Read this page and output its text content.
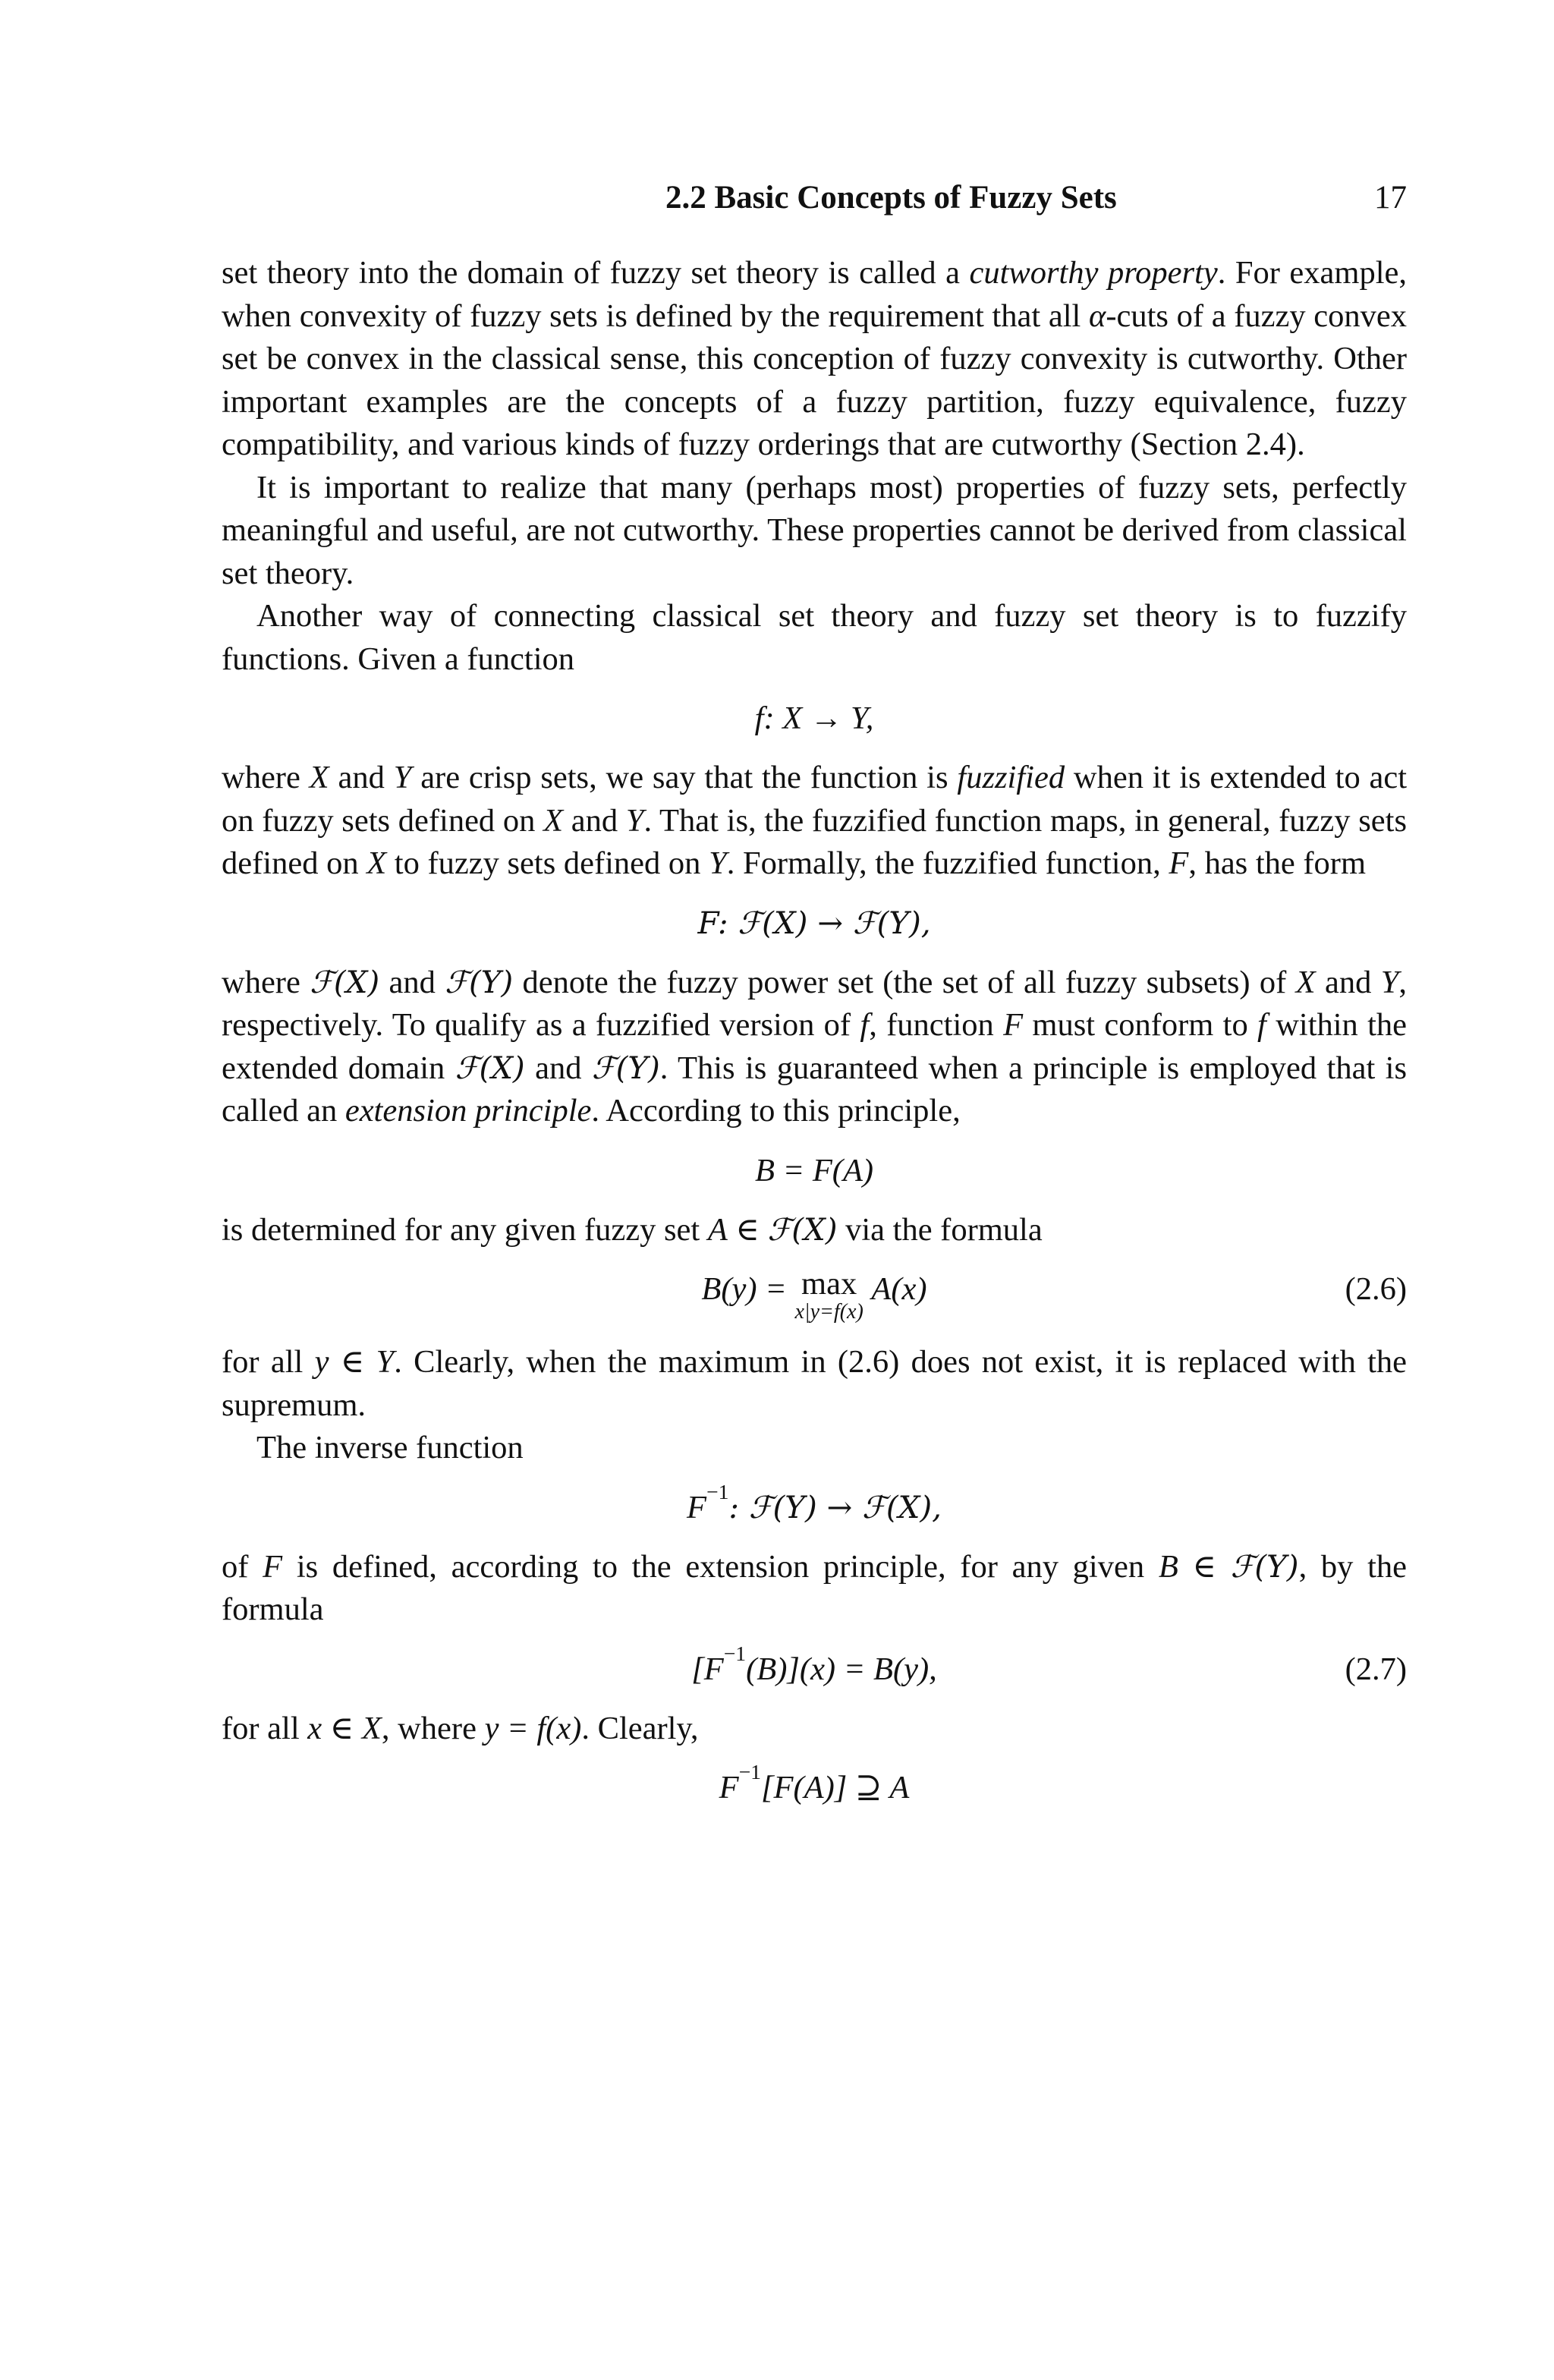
2.2 Basic Concepts of Fuzzy Sets	17

set theory into the domain of fuzzy set theory is called a cutworthy property. For example, when convexity of fuzzy sets is defined by the requirement that all α-cuts of a fuzzy convex set be convex in the classical sense, this conception of fuzzy convexity is cutworthy. Other important examples are the concepts of a fuzzy partition, fuzzy equivalence, fuzzy compatibility, and various kinds of fuzzy orderings that are cutworthy (Section 2.4).

It is important to realize that many (perhaps most) properties of fuzzy sets, perfectly meaningful and useful, are not cutworthy. These properties cannot be derived from classical set theory.

Another way of connecting classical set theory and fuzzy set theory is to fuzzify functions. Given a function

f: X → Y,

where X and Y are crisp sets, we say that the function is fuzzified when it is extended to act on fuzzy sets defined on X and Y. That is, the fuzzified function maps, in general, fuzzy sets defined on X to fuzzy sets defined on Y. Formally, the fuzzified function, F, has the form

F: ℱ(X) → ℱ(Y),

where ℱ(X) and ℱ(Y) denote the fuzzy power set (the set of all fuzzy subsets) of X and Y, respectively. To qualify as a fuzzified version of f, function F must conform to f within the extended domain ℱ(X) and ℱ(Y). This is guaranteed when a principle is employed that is called an extension principle. According to this principle,

B = F(A)

is determined for any given fuzzy set A ∈ ℱ(X) via the formula

B(y) = max
x|y=f(x)
A(x)	(2.6)

for all y ∈ Y. Clearly, when the maximum in (2.6) does not exist, it is replaced with the supremum.

The inverse function

$F^{-1}$: ℱ(Y) → ℱ(X),

of F is defined, according to the extension principle, for any given B ∈ ℱ(Y), by the formula

$[F^{-1}(B)](x) = B(y)$,	(2.7)

for all x ∈ X, where y = f(x). Clearly,

$F^{-1}[F(A)]$ ⊇ A
